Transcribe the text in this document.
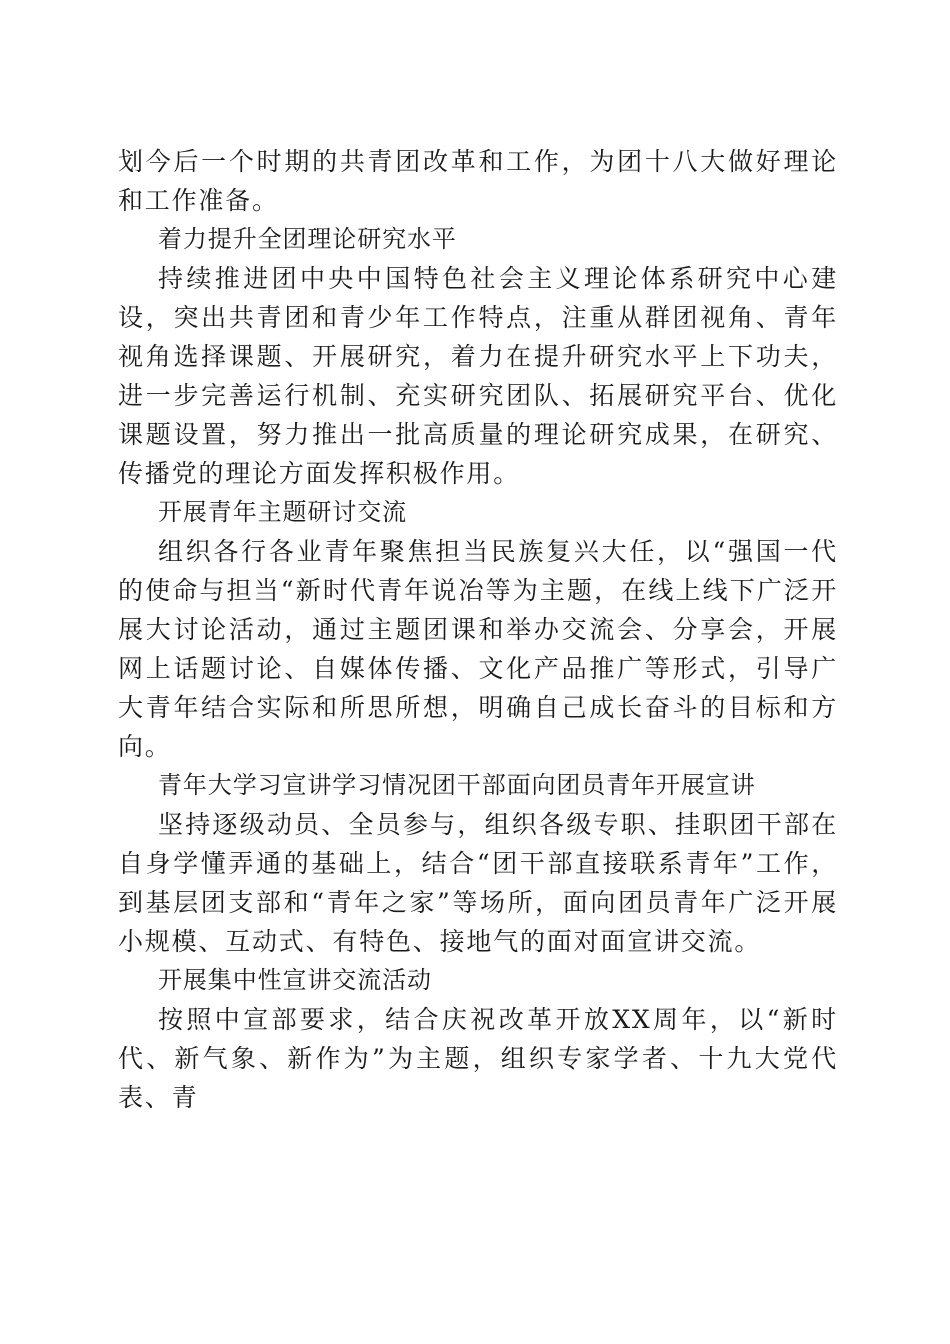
划今后一个时期的共青团改革和工作，为团十八大做好理论和工作准备。

着力提升全团理论研究水平

持续推进团中央中国特色社会主义理论体系研究中心建设，突出共青团和青少年工作特点，注重从群团视角、青年视角选择课题、开展研究，着力在提升研究水平上下功夫，进一步完善运行机制、充实研究团队、拓展研究平台、优化课题设置，努力推出一批高质量的理论研究成果，在研究、传播党的理论方面发挥积极作用。

开展青年主题研讨交流

组织各行各业青年聚焦担当民族复兴大任，以“强国一代的使命与担当“新时代青年说冶等为主题，在线上线下广泛开展大讨论活动，通过主题团课和举办交流会、分享会，开展网上话题讨论、自媒体传播、文化产品推广等形式，引导广大青年结合实际和所思所想，明确自己成长奋斗的目标和方向。

青年大学习宣讲学习情况团干部面向团员青年开展宣讲

坚持逐级动员、全员参与，组织各级专职、挂职团干部在自身学懂弄通的基础上，结合“团干部直接联系青年”工作，到基层团支部和“青年之家”等场所，面向团员青年广泛开展小规模、互动式、有特色、接地气的面对面宣讲交流。

开展集中性宣讲交流活动

按照中宣部要求，结合庆祝改革开放XX周年，以“新时代、新气象、新作为”为主题，组织专家学者、十九大党代表、青
